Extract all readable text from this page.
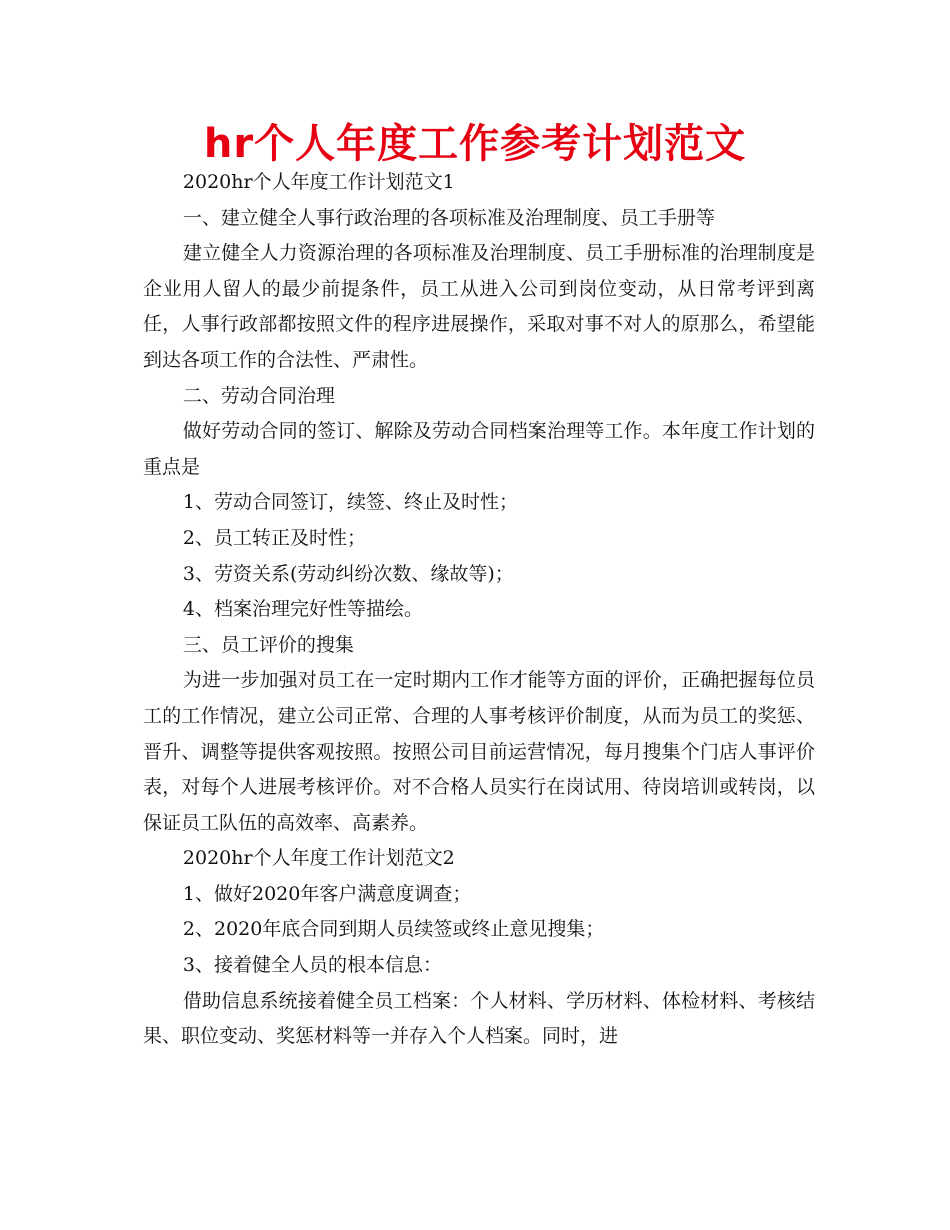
hr个人年度工作参考计划范文

2020hr个人年度工作计划范文1

一、建立健全人事行政治理的各项标准及治理制度、员工手册等

建立健全人力资源治理的各项标准及治理制度、员工手册标准的治理制度是企业用人留人的最少前提条件，员工从进入公司到岗位变动，从日常考评到离任，人事行政部都按照文件的程序进展操作，采取对事不对人的原那么，希望能到达各项工作的合法性、严肃性。

二、劳动合同治理

做好劳动合同的签订、解除及劳动合同档案治理等工作。本年度工作计划的重点是

1、劳动合同签订，续签、终止及时性；

2、员工转正及时性；

3、劳资关系(劳动纠纷次数、缘故等)；

4、档案治理完好性等描绘。

三、员工评价的搜集

为进一步加强对员工在一定时期内工作才能等方面的评价，正确把握每位员工的工作情况，建立公司正常、合理的人事考核评价制度，从而为员工的奖惩、晋升、调整等提供客观按照。按照公司目前运营情况，每月搜集个门店人事评价表，对每个人进展考核评价。对不合格人员实行在岗试用、待岗培训或转岗，以保证员工队伍的高效率、高素养。

2020hr个人年度工作计划范文2

1、做好2020年客户满意度调查；

2、2020年底合同到期人员续签或终止意见搜集；

3、接着健全人员的根本信息：

借助信息系统接着健全员工档案：个人材料、学历材料、体检材料、考核结果、职位变动、奖惩材料等一并存入个人档案。同时，进
